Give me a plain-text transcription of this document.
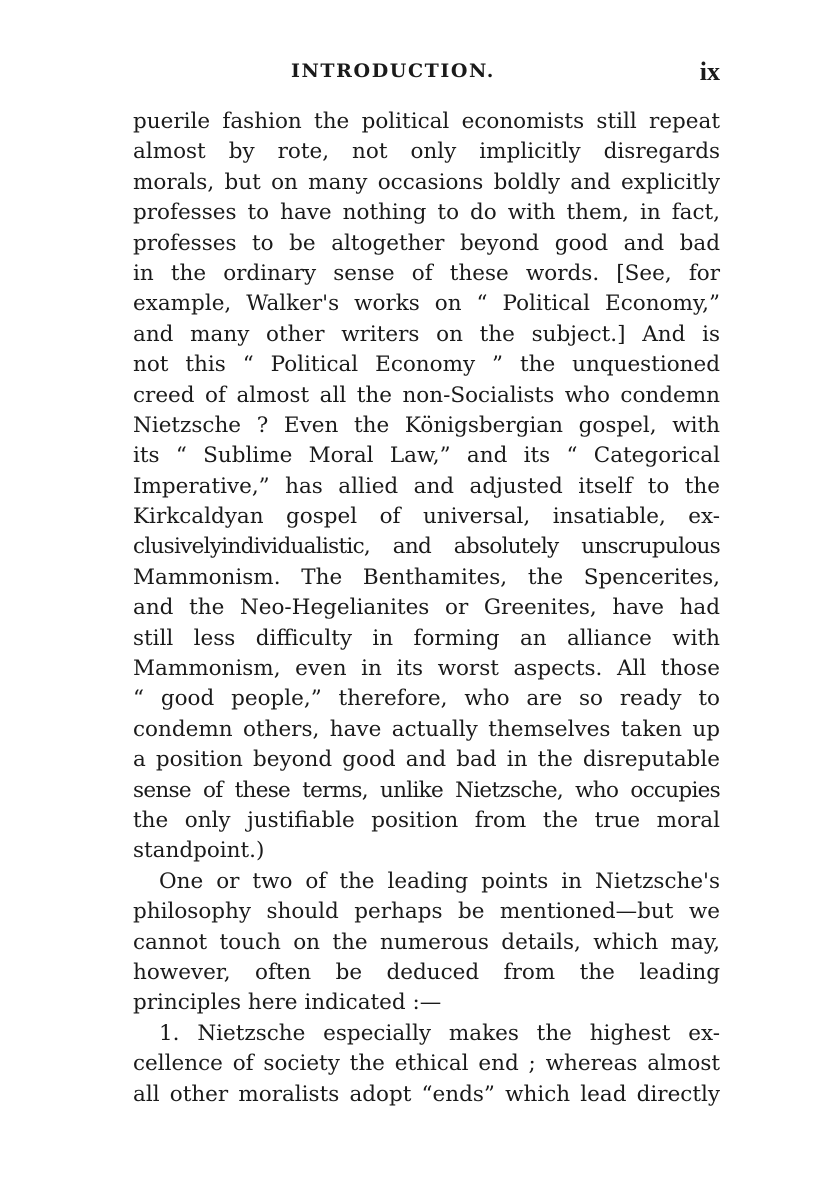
INTRODUCTION.	ix
puerile fashion the political economists still repeat
almost by rote, not only implicitly disregards
morals, but on many occasions boldly and explicitly
professes to have nothing to do with them, in fact,
professes to be altogether beyond good and bad
in the ordinary sense of these words. [See, for
example, Walker's works on “ Political Economy,”
and many other writers on the subject.] And is
not this “ Political Economy ” the unquestioned
creed of almost all the non-Socialists who condemn
Nietzsche ? Even the Königsbergian gospel, with
its “ Sublime Moral Law,” and its “ Categorical
Imperative,” has allied and adjusted itself to the
Kirkcaldyan gospel of universal, insatiable, ex-
clusivelyindividualistic, and absolutely unscrupulous
Mammonism. The Benthamites, the Spencerites,
and the Neo-Hegelianites or Greenites, have had
still less difficulty in forming an alliance with
Mammonism, even in its worst aspects. All those
“ good people,” therefore, who are so ready to
condemn others, have actually themselves taken up
a position beyond good and bad in the disreputable
sense of these terms, unlike Nietzsche, who occupies
the only justifiable position from the true moral
standpoint.)
One or two of the leading points in Nietzsche's
philosophy should perhaps be mentioned—but we
cannot touch on the numerous details, which may,
however, often be deduced from the leading
principles here indicated :—
1. Nietzsche especially makes the highest ex-
cellence of society the ethical end ; whereas almost
all other moralists adopt “ends” which lead directly
